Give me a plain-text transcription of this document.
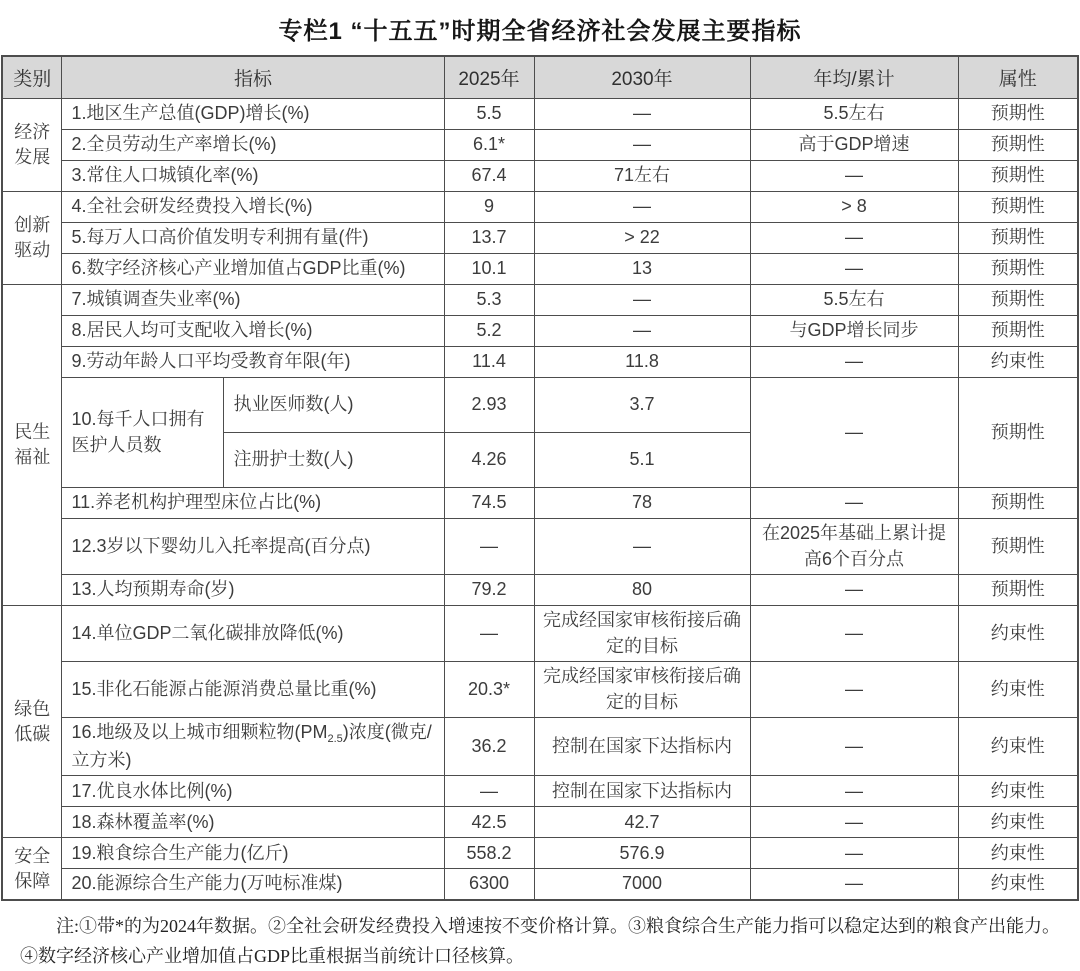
专栏1 “十五五”时期全省经济社会发展主要指标
类别	指标		2025年	2030年	年均/累计	属性

经济发展	1.地区生产总值(GDP)增长(%)		5.5	—	5.5左右	预期性
	2.全员劳动生产率增长(%)		6.1*	—	高于GDP增速	预期性
	3.常住人口城镇化率(%)		67.4	71左右	—	预期性

创新驱动	4.全社会研发经费投入增长(%)		9	—	> 8	预期性
	5.每万人口高价值发明专利拥有量(件)		13.7	> 22	—	预期性
	6.数字经济核心产业增加值占GDP比重(%)		10.1	13	—	预期性

民生福祉	7.城镇调查失业率(%)		5.3	—	5.5左右	预期性
	8.居民人均可支配收入增长(%)		5.2	—	与GDP增长同步	预期性
	9.劳动年龄人口平均受教育年限(年)		11.4	11.8	—	约束性
	10.每千人口拥有医护人员数	执业医师数(人)	2.93	3.7	—	预期性
		注册护士数(人)	4.26	5.1		
	11.养老机构护理型床位占比(%)		74.5	78	—	预期性
	12.3岁以下婴幼儿入托率提高(百分点)		—	—	在2025年基础上累计提高6个百分点	预期性
	13.人均预期寿命(岁)		79.2	80	—	预期性

绿色低碳	14.单位GDP二氧化碳排放降低(%)		—	完成经国家审核衔接后确定的目标	—	约束性
	15.非化石能源占能源消费总量比重(%)		20.3*	完成经国家审核衔接后确定的目标	—	约束性
	16.地级及以上城市细颗粒物$(PM_{2.5})$浓度(微克/立方米)		36.2	控制在国家下达指标内	—	约束性
	17.优良水体比例(%)		—	控制在国家下达指标内	—	约束性
	18.森林覆盖率(%)		42.5	42.7	—	约束性

安全保障	19.粮食综合生产能力(亿斤)		558.2	576.9	—	约束性
	20.能源综合生产能力(万吨标准煤)		6300	7000	—	约束性

注:①带*的为2024年数据。②全社会研发经费投入增速按不变价格计算。③粮食综合生产能力指可以稳定达到的粮食产出能力。④数字经济核心产业增加值占GDP比重根据当前统计口径核算。
